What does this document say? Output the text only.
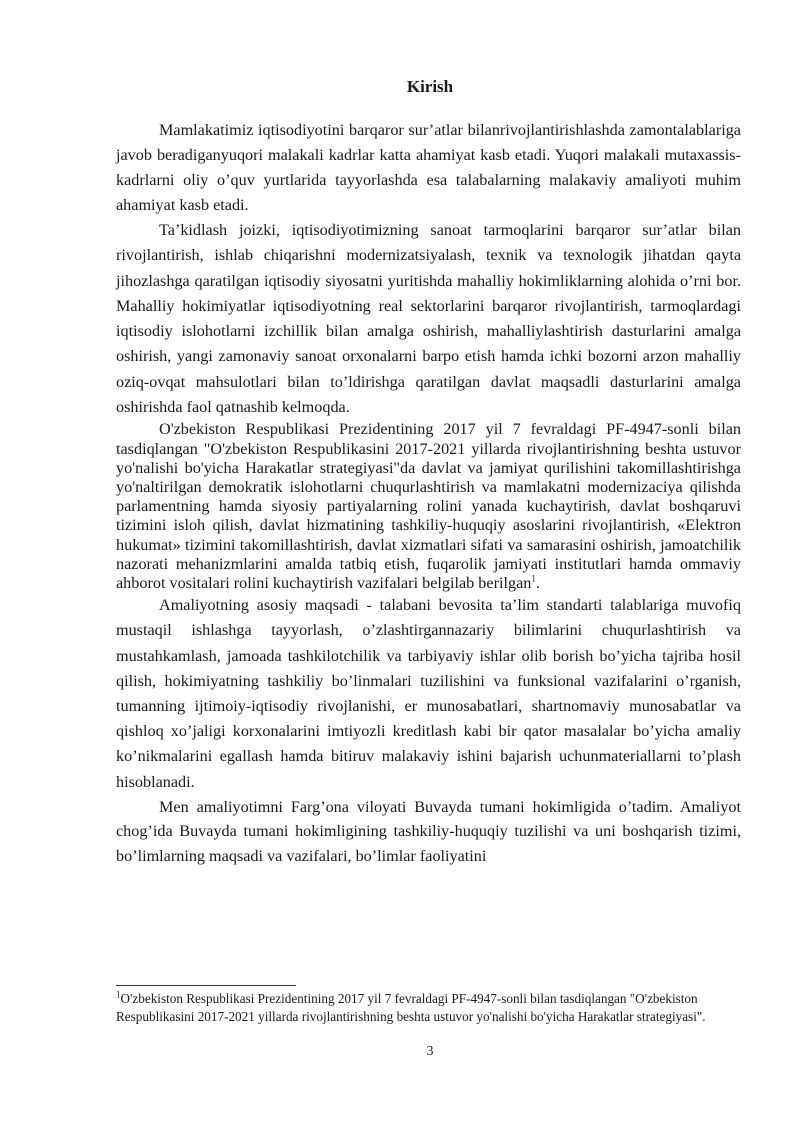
Kirish

Mamlakatimiz iqtisodiyotini barqaror sur’atlar bilanrivojlantirishlashda zamontalablariga javob beradiganyuqori malakali kadrlar katta ahamiyat kasb etadi. Yuqori malakali mutaxassis-kadrlarni oliy o’quv yurtlarida tayyorlashda esa talabalarning malakaviy amaliyoti muhim ahamiyat kasb etadi.

Ta’kidlash joizki, iqtisodiyotimizning sanoat tarmoqlarini barqaror sur’atlar bilan rivojlantirish, ishlab chiqarishni modernizatsiyalash, texnik va texnologik jihatdan qayta jihozlashga qaratilgan iqtisodiy siyosatni yuritishda mahalliy hokimliklarning alohida o’rni bor. Mahalliy hokimiyatlar iqtisodiyotning real sektorlarini barqaror rivojlantirish, tarmoqlardagi iqtisodiy islohotlarni izchillik bilan amalga oshirish, mahalliylashtirish dasturlarini amalga oshirish, yangi zamonaviy sanoat orxonalarni barpo etish hamda ichki bozorni arzon mahalliy oziq-ovqat mahsulotlari bilan to’ldirishga qaratilgan davlat maqsadli dasturlarini amalga oshirishda faol qatnashib kelmoqda.

O'zbekiston Respublikasi Prezidentining 2017 yil 7 fevraldagi PF-4947-sonli bilan tasdiqlangan "O'zbekiston Respublikasini 2017-2021 yillarda rivojlantirishning beshta ustuvor yo'nalishi bo'yicha Harakatlar strategiyasi"da davlat va jamiyat qurilishini takomillashtirishga yo'naltirilgan demokratik islohotlarni chuqurlashtirish va mamlakatni modernizaciya qilishda parlamentning hamda siyosiy partiyalarning rolini yanada kuchaytirish, davlat boshqaruvi tizimini isloh qilish, davlat hizmatining tashkiliy-huquqiy asoslarini rivojlantirish, «Elektron hukumat» tizimini takomillashtirish, davlat xizmatlari sifati va samarasini oshirish, jamoatchilik nazorati mehanizmlarini amalda tatbiq etish, fuqarolik jamiyati institutlari hamda ommaviy ahborot vositalari rolini kuchaytirish vazifalari belgilab berilgan$^1$.

Amaliyotning asosiy maqsadi - talabani bevosita ta’lim standarti talablariga muvofiq mustaqil ishlashga tayyorlash, o’zlashtirgannazariy bilimlarini chuqurlashtirish va mustahkamlash, jamoada tashkilotchilik va tarbiyaviy ishlar olib borish bo’yicha tajriba hosil qilish, hokimiyatning tashkiliy bo’linmalari tuzilishini va funksional vazifalarini o’rganish, tumanning ijtimoiy-iqtisodiy rivojlanishi, er munosabatlari, shartnomaviy munosabatlar va qishloq xo’jaligi korxonalarini imtiyozli kreditlash kabi bir qator masalalar bo’yicha amaliy ko’nikmalarini egallash hamda bitiruv malakaviy ishini bajarish uchunmateriallarni to’plash hisoblanadi.

Men amaliyotimni Farg’ona viloyati Buvayda tumani hokimligida o’tadim. Amaliyot chog’ida Buvayda tumani hokimligining tashkiliy-huquqiy tuzilishi va uni boshqarish tizimi, bo’limlarning maqsadi va vazifalari, bo’limlar faoliyatini

$^1$O'zbekiston Respublikasi Prezidentining 2017 yil 7 fevraldagi PF-4947-sonli bilan tasdiqlangan "O'zbekiston Respublikasini 2017-2021 yillarda rivojlantirishning beshta ustuvor yo'nalishi bo'yicha Harakatlar strategiyasi".
3
